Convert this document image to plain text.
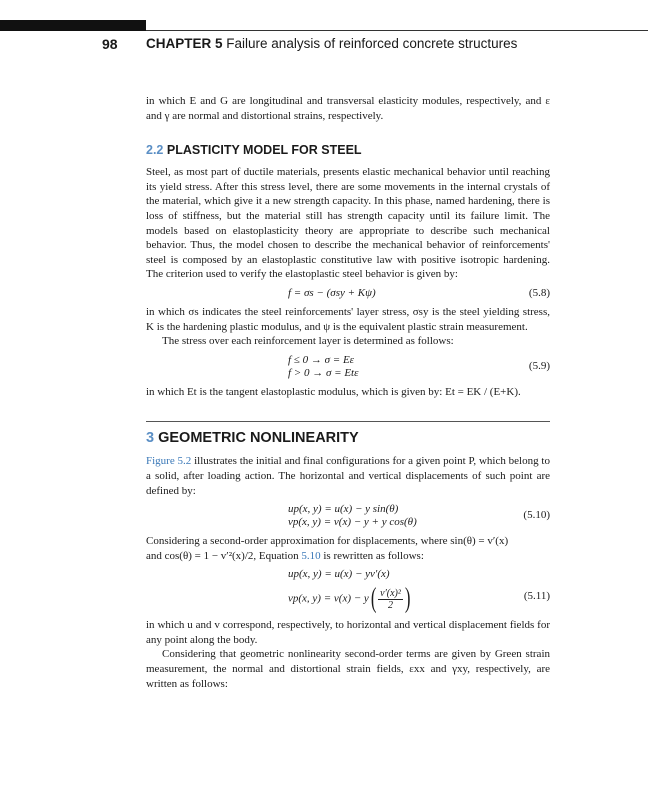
98 CHAPTER 5 Failure analysis of reinforced concrete structures

in which E and G are longitudinal and transversal elasticity modules, respectively, and ε and γ are normal and distortional strains, respectively.

2.2 PLASTICITY MODEL FOR STEEL

Steel, as most part of ductile materials, presents elastic mechanical behavior until reaching its yield stress. After this stress level, there are some movements in the internal crystals of the material, which give it a new strength capacity. In this phase, named hardening, there is loss of stiffness, but the material still has strength capacity until its failure limit. The models based on elastoplasticity theory are appropriate to describe such mechanical behavior. Thus, the model chosen to describe the mechanical behavior of reinforcements' steel is composed by an elastoplastic constitutive law with positive isotropic hardening. The criterion used to verify the elastoplastic steel behavior is given by:

f = σs − (σsy + Kψ)	(5.8)

in which σs indicates the steel reinforcements' layer stress, σsy is the steel yielding stress, K is the hardening plastic modulus, and ψ is the equivalent plastic strain measurement.

The stress over each reinforcement layer is determined as follows:

f ≤ 0 → σ = Eε
f > 0 → σ = Etε
(5.9)

in which Et is the tangent elastoplastic modulus, which is given by: Et = EK / (E+K).

3 GEOMETRIC NONLINEARITY

Figure 5.2 illustrates the initial and final configurations for a given point P, which belong to a solid, after loading action. The horizontal and vertical displacements of such point are defined by:

up(x, y) = u(x) − y sin(θ)
vp(x, y) = v(x) − y + y cos(θ)
(5.10)

Considering a second-order approximation for displacements, where sin(θ) = v′(x)

and cos(θ) = 1 − v′²(x)/2, Equation 5.10 is rewritten as follows:

up(x, y) = u(x) − yv′(x)
vp(x, $y) = v(x) - y( \frac{\text{v′(x)²}}{2}$ )	(5.11)

in which u and v correspond, respectively, to horizontal and vertical displacement fields for any point along the body.

Considering that geometric nonlinearity second-order terms are given by Green strain measurement, the normal and distortional strain fields, εxx and γxy, respectively, are written as follows:
